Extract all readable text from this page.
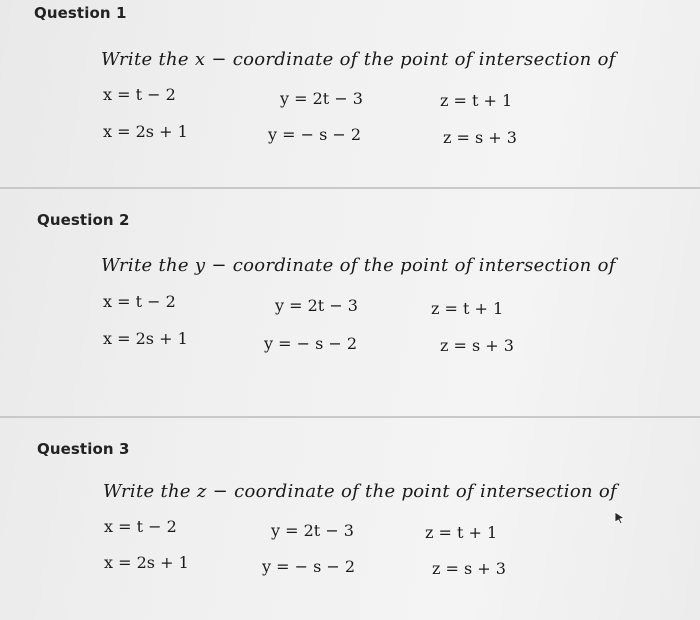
Question 1
Write the x − coordinate of the point of intersection of
x = t − 2	y = 2t − 3	z = t + 1
x = 2s + 1	y = − s − 2	z = s + 3
Question 2
Write the y − coordinate of the point of intersection of
x = t − 2	y = 2t − 3	z = t + 1
x = 2s + 1	y = − s − 2	z = s + 3
Question 3
Write the z − coordinate of the point of intersection of
x = t − 2	y = 2t − 3	z = t + 1
x = 2s + 1	y = − s − 2	z = s + 3
